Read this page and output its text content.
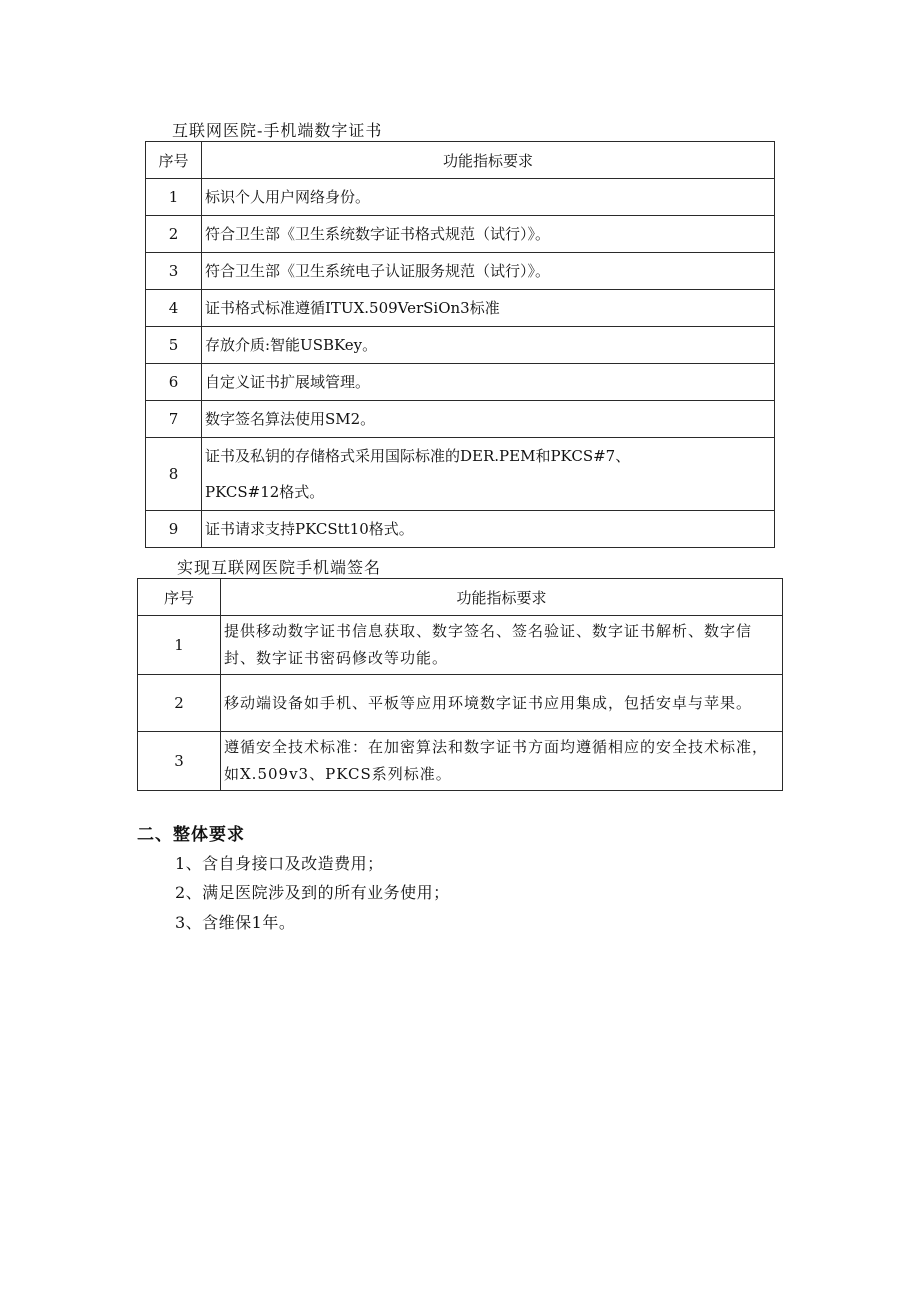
互联网医院-手机端数字证书
序号	功能指标要求
1	标识个人用户网络身份。
2	符合卫生部《卫生系统数字证书格式规范（试行）》。
3	符合卫生部《卫生系统电子认证服务规范（试行）》。
4	证书格式标准遵循ITUX.509VerSiOn3标准
5	存放介质:智能USBKey。
6	自定义证书扩展域管理。
7	数字签名算法使用SM2。
8	证书及私钥的存储格式采用国际标准的DER.PEM和PKCS#7、
PKCS#12格式。

9	证书请求支持PKCStt10格式。
实现互联网医院手机端签名
序号	功能指标要求
1	提供移动数字证书信息获取、数字签名、签名验证、数字证书解析、数字信封、数字证书密码修改等功能。
2	移动端设备如手机、平板等应用环境数字证书应用集成，包括安卓与苹果。
3	遵循安全技术标准：在加密算法和数字证书方面均遵循相应的安全技术标准，如X.509v3、PKCS系列标准。
二、整体要求
1、含自身接口及改造费用；
2、满足医院涉及到的所有业务使用；
3、含维保1年。
